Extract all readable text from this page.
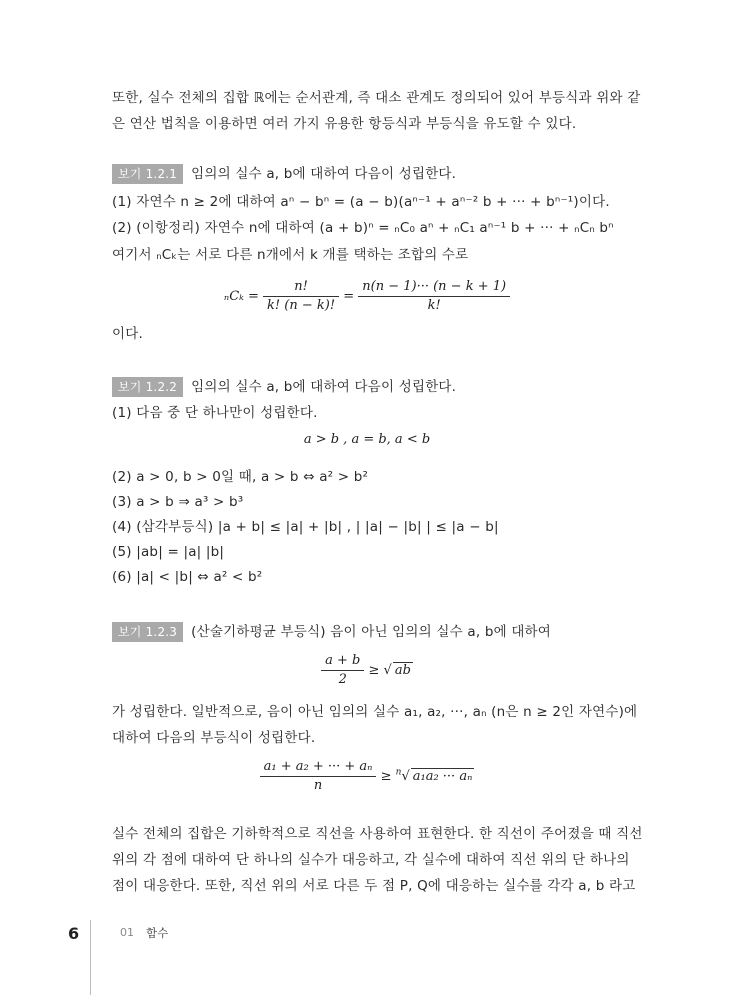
또한, 실수 전체의 집합 ℝ에는 순서관계, 즉 대소 관계도 정의되어 있어 부등식과 위와 같
은 연산 법칙을 이용하면 여러 가지 유용한 항등식과 부등식을 유도할 수 있다.
보기 1.2.1 임의의 실수 a, b에 대하여 다음이 성립한다.
(1) 자연수 n ≥ 2에 대하여 aⁿ − bⁿ = (a − b)(aⁿ⁻¹ + aⁿ⁻² b + ··· + bⁿ⁻¹)이다.
(2) (이항정리) 자연수 n에 대하여 (a + b)ⁿ = ₙC₀ aⁿ + ₙC₁ aⁿ⁻¹ b + ··· + ₙCₙ bⁿ
여기서 ₙCₖ는 서로 다른 n개에서 k 개를 택하는 조합의 수로
$_nC_k = \frac{n!}{k! (n - k)!} = \frac{n(n - 1)\cdot\cdot\cdot (n - k + 1)}{k!}$
이다.
보기 1.2.2 임의의 실수 a, b에 대하여 다음이 성립한다.
(1) 다음 중 단 하나만이 성립한다.
a > b , a = b, a < b
(2) a > 0, b > 0일 때, a > b ⇔ a² > b²
(3) a > b ⇒ a³ > b³
(4) (삼각부등식) |a + b| ≤ |a| + |b| , | |a| − |b| | ≤ |a − b|
(5) |ab| = |a| |b|
(6) |a| < |b| ⇔ a² < b²
보기 1.2.3 (산술기하평균 부등식) 음이 아닌 임의의 실수 a, b에 대하여
$\frac{a + b}{2}$ ≥ √ ab
가 성립한다. 일반적으로, 음이 아닌 임의의 실수 a₁, a₂, ···, aₙ (n은 n ≥ 2인 자연수)에
대하여 다음의 부등식이 성립한다.
$\frac{\text{a₁ + a₂ + ··· + aₙ}}{n} \ge ^n√$ a₁a₂ ··· aₙ
실수 전체의 집합은 기하학적으로 직선을 사용하여 표현한다. 한 직선이 주어졌을 때 직선
위의 각 점에 대하여 단 하나의 실수가 대응하고, 각 실수에 대하여 직선 위의 단 하나의
점이 대응한다. 또한, 직선 위의 서로 다른 두 점 P, Q에 대응하는 실수를 각각 a, b 라고
6	01 함수
